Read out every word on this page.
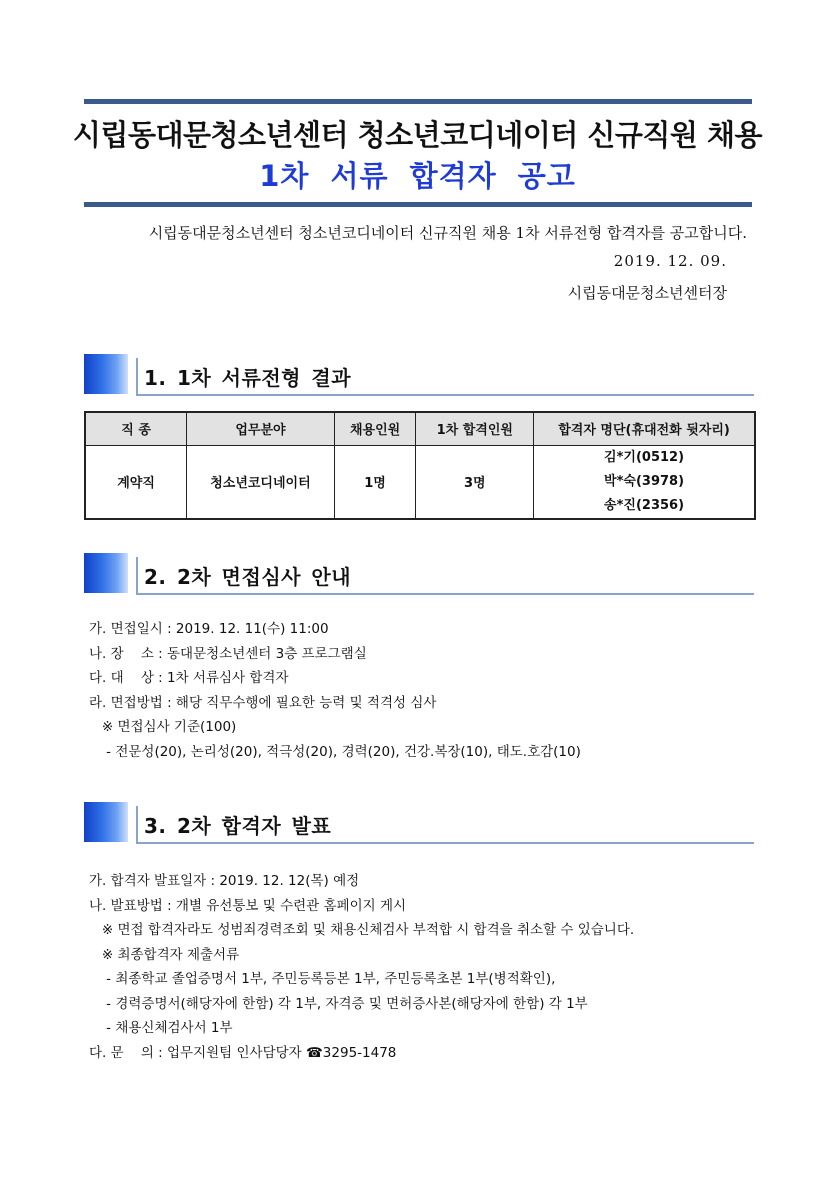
시립동대문청소년센터 청소년코디네이터 신규직원 채용
1차 서류 합격자 공고
시립동대문청소년센터 청소년코디네이터 신규직원 채용 1차 서류전형 합격자를 공고합니다.
2019. 12. 09.
시립동대문청소년센터장
1. 1차 서류전형 결과
직 종	업무분야	채용인원	1차 합격인원	합격자 명단(휴대전화 뒷자리)
계약직	청소년코디네이터	1명	3명	김*기(0512)
박*숙(3978)
송*진(2356)
2. 2차 면접심사 안내
가. 면접일시 : 2019. 12. 11(수) 11:00
나. 장    소 : 동대문청소년센터 3층 프로그램실
다. 대    상 : 1차 서류심사 합격자
라. 면접방법 : 해당 직무수행에 필요한 능력 및 적격성 심사
※ 면접심사 기준(100)
- 전문성(20), 논리성(20), 적극성(20), 경력(20), 건강.복장(10), 태도.호감(10)
3. 2차 합격자 발표
가. 합격자 발표일자 : 2019. 12. 12(목) 예정
나. 발표방법 : 개별 유선통보 및 수련관 홈페이지 게시
※ 면접 합격자라도 성범죄경력조회 및 채용신체검사 부적합 시 합격을 취소할 수 있습니다.
※ 최종합격자 제출서류
- 최종학교 졸업증명서 1부, 주민등록등본 1부, 주민등록초본 1부(병적확인),
- 경력증명서(해당자에 한함) 각 1부, 자격증 및 면허증사본(해당자에 한함) 각 1부
- 채용신체검사서 1부
다. 문    의 : 업무지원팀 인사담당자 ☎3295-1478
